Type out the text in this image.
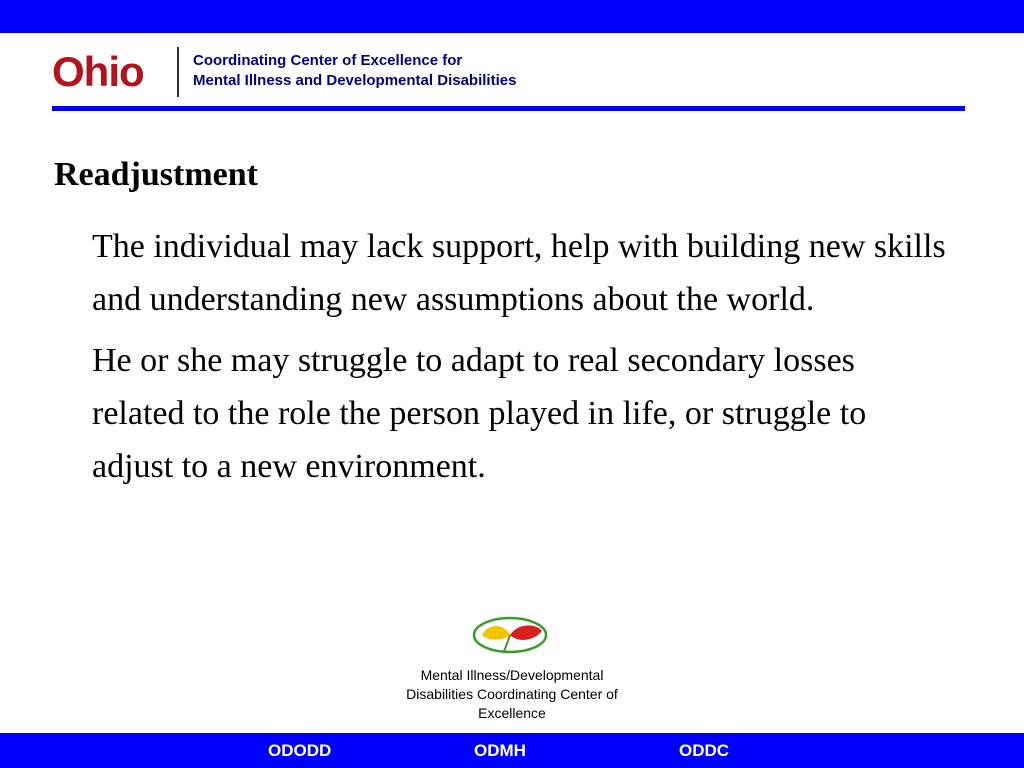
Ohio	Coordinating Center of Excellence for
Mental Illness and Developmental Disabilities
Readjustment

The individual may lack support, help with building new skills and understanding new assumptions about the world.

He or she may struggle to adapt to real secondary losses related to the role the person played in life, or struggle to adjust to a new environment.

Mental Illness/Developmental
Disabilities Coordinating Center of
Excellence
ODODD	ODMH	ODDC
